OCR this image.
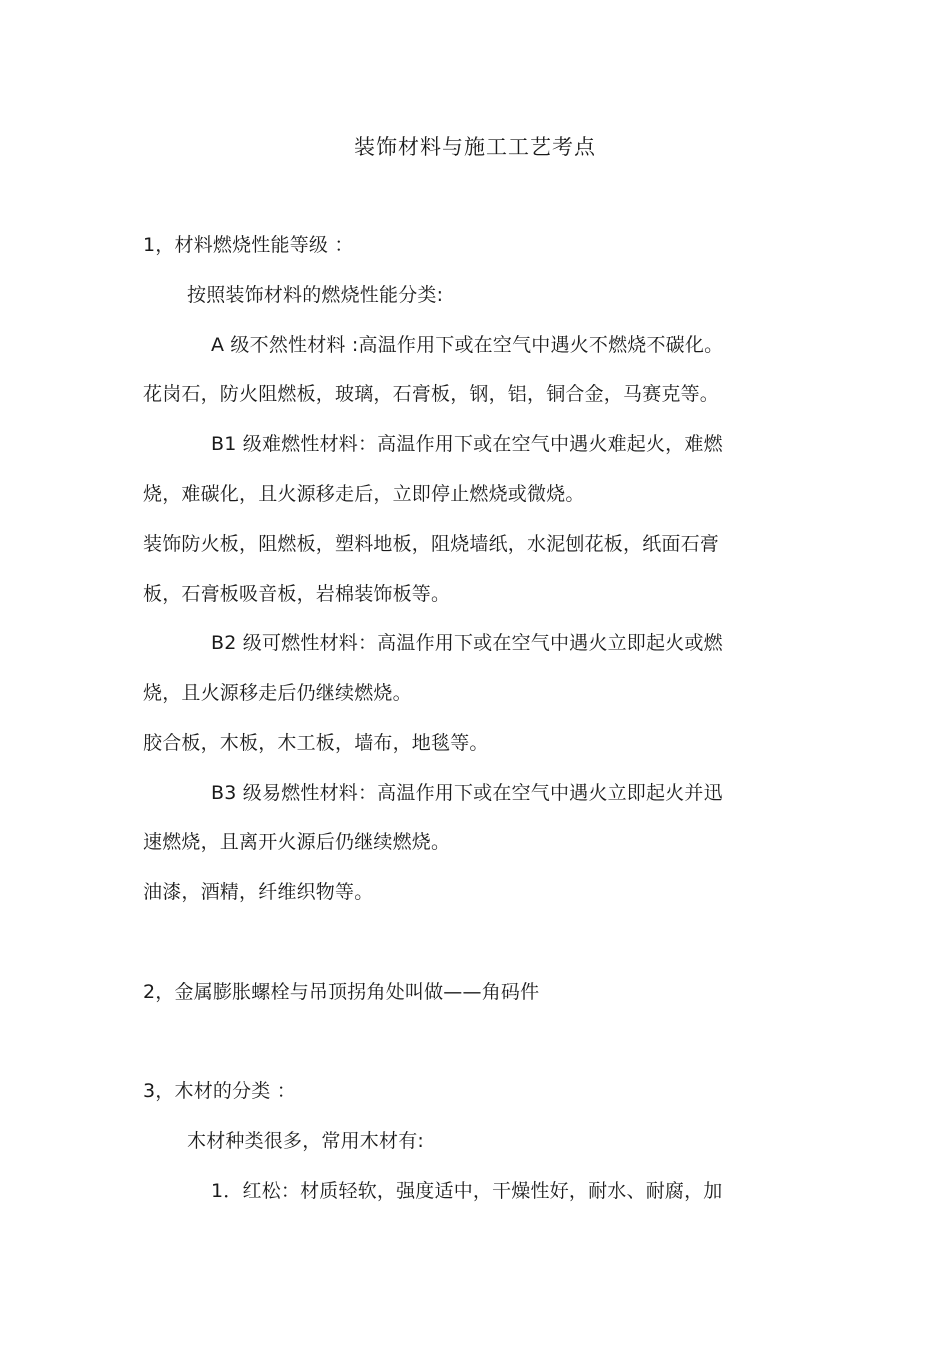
装饰材料与施工工艺考点
1，材料燃烧性能等级 ：
按照装饰材料的燃烧性能分类:
A 级不然性材料 :高温作用下或在空气中遇火不燃烧不碳化。
花岗石，防火阻燃板，玻璃，石膏板，钢，铝，铜合金，马赛克等。
B1 级难燃性材料：高温作用下或在空气中遇火难起火，难燃
烧，难碳化，且火源移走后，立即停止燃烧或微烧。
装饰防火板，阻燃板，塑料地板，阻烧墙纸，水泥刨花板，纸面石膏
板，石膏板吸音板，岩棉装饰板等。
B2 级可燃性材料：高温作用下或在空气中遇火立即起火或燃
烧，且火源移走后仍继续燃烧。
胶合板，木板，木工板，墙布，地毯等。
B3 级易燃性材料：高温作用下或在空气中遇火立即起火并迅
速燃烧，且离开火源后仍继续燃烧。
油漆，酒精，纤维织物等。
2，金属膨胀螺栓与吊顶拐角处叫做——角码件
3，木材的分类 ：
木材种类很多，常用木材有:
1．红松：材质轻软，强度适中，干燥性好，耐水、耐腐，加
